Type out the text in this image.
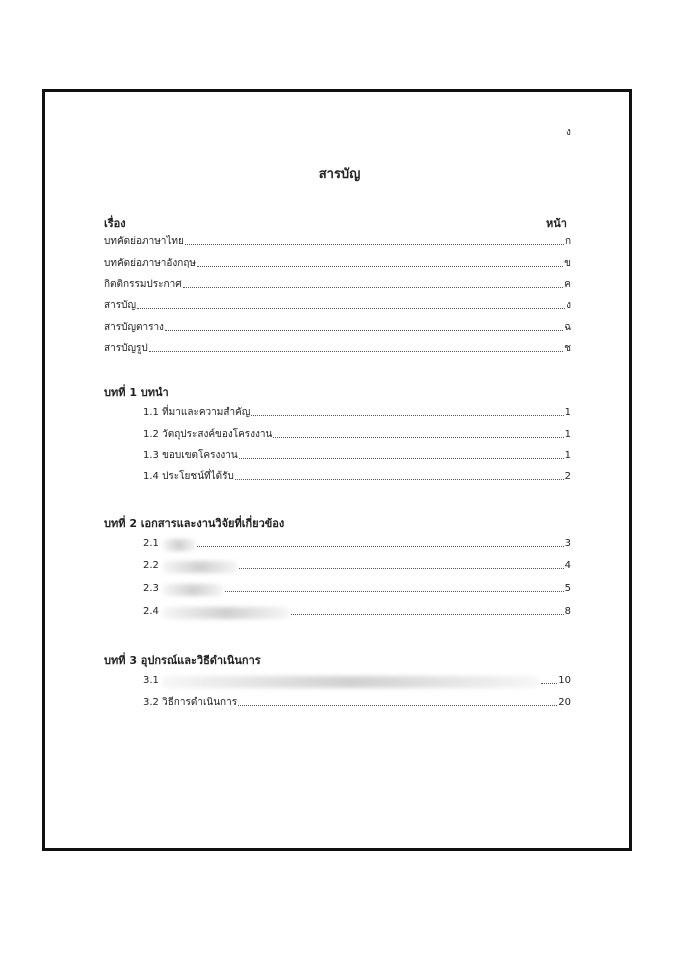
ง
สารบัญ
เรื่อง	หน้า
บทคัดย่อภาษาไทย	ก
บทคัดย่อภาษาอังกฤษ	ข
กิตติกรรมประกาศ	ค
สารบัญ	ง
สารบัญตาราง	ฉ
สารบัญรูป	ช
บทที่ 1 บทนำ
1.1 ที่มาและความสำคัญ	1
1.2 วัตถุประสงค์ของโครงงาน	1
1.3 ขอบเขตโครงงาน	1
1.4 ประโยชน์ที่ได้รับ	2
บทที่ 2 เอกสารและงานวิจัยที่เกี่ยวข้อง
2.1	3
2.2	4
2.3	5
2.4	8
บทที่ 3 อุปกรณ์และวิธีดำเนินการ
3.1	10
3.2 วิธีการดำเนินการ	20
